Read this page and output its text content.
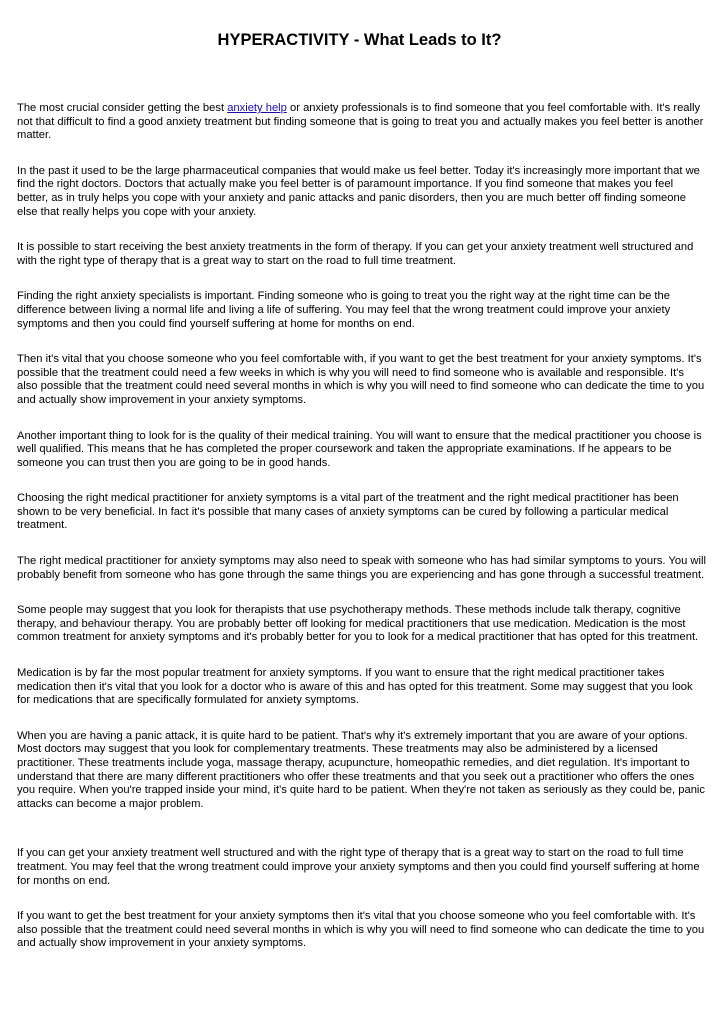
HYPERACTIVITY - What Leads to It?

The most crucial consider getting the best anxiety help or anxiety professionals is to find someone that you feel comfortable with. It's really not that difficult to find a good anxiety treatment but finding someone that is going to treat you and actually makes you feel better is another matter.

In the past it used to be the large pharmaceutical companies that would make us feel better. Today it's increasingly more important that we find the right doctors. Doctors that actually make you feel better is of paramount importance. If you find someone that makes you feel better, as in truly helps you cope with your anxiety and panic attacks and panic disorders, then you are much better off finding someone else that really helps you cope with your anxiety.

It is possible to start receiving the best anxiety treatments in the form of therapy. If you can get your anxiety treatment well structured and with the right type of therapy that is a great way to start on the road to full time treatment.

Finding the right anxiety specialists is important. Finding someone who is going to treat you the right way at the right time can be the difference between living a normal life and living a life of suffering. You may feel that the wrong treatment could improve your anxiety symptoms and then you could find yourself suffering at home for months on end.

Then it's vital that you choose someone who you feel comfortable with, if you want to get the best treatment for your anxiety symptoms. It's possible that the treatment could need a few weeks in which is why you will need to find someone who is available and responsible. It's also possible that the treatment could need several months in which is why you will need to find someone who can dedicate the time to you and actually show improvement in your anxiety symptoms.

Another important thing to look for is the quality of their medical training. You will want to ensure that the medical practitioner you choose is well qualified. This means that he has completed the proper coursework and taken the appropriate examinations. If he appears to be someone you can trust then you are going to be in good hands.

Choosing the right medical practitioner for anxiety symptoms is a vital part of the treatment and the right medical practitioner has been shown to be very beneficial. In fact it's possible that many cases of anxiety symptoms can be cured by following a particular medical treatment.

The right medical practitioner for anxiety symptoms may also need to speak with someone who has had similar symptoms to yours. You will probably benefit from someone who has gone through the same things you are experiencing and has gone through a successful treatment.

Some people may suggest that you look for therapists that use psychotherapy methods. These methods include talk therapy, cognitive therapy, and behaviour therapy. You are probably better off looking for medical practitioners that use medication. Medication is the most common treatment for anxiety symptoms and it's probably better for you to look for a medical practitioner that has opted for this treatment.

Medication is by far the most popular treatment for anxiety symptoms. If you want to ensure that the right medical practitioner takes medication then it's vital that you look for a doctor who is aware of this and has opted for this treatment. Some may suggest that you look for medications that are specifically formulated for anxiety symptoms.

When you are having a panic attack, it is quite hard to be patient. That's why it's extremely important that you are aware of your options. Most doctors may suggest that you look for complementary treatments. These treatments may also be administered by a licensed practitioner. These treatments include yoga, massage therapy, acupuncture, homeopathic remedies, and diet regulation. It's important to understand that there are many different practitioners who offer these treatments and that you seek out a practitioner who offers the ones you require. When you're trapped inside your mind, it's quite hard to be patient. When they're not taken as seriously as they could be, panic attacks can become a major problem.

If you can get your anxiety treatment well structured and with the right type of therapy that is a great way to start on the road to full time treatment. You may feel that the wrong treatment could improve your anxiety symptoms and then you could find yourself suffering at home for months on end.

If you want to get the best treatment for your anxiety symptoms then it's vital that you choose someone who you feel comfortable with. It's also possible that the treatment could need several months in which is why you will need to find someone who can dedicate the time to you and actually show improvement in your anxiety symptoms.
